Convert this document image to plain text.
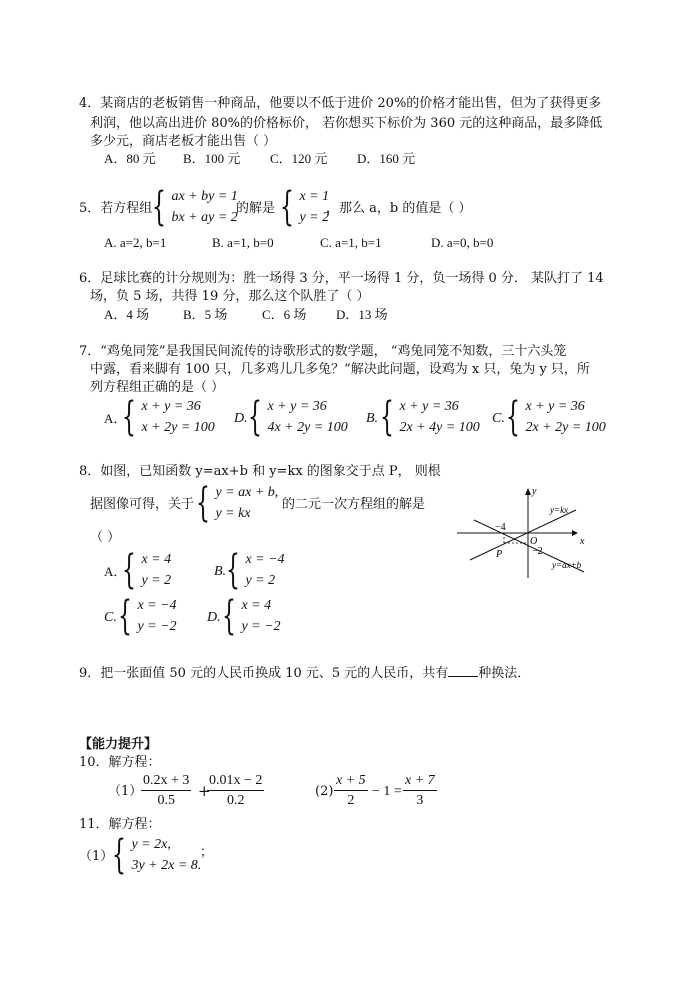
4．某商店的老板销售一种商品，他要以不低于进价 20%的价格才能出售，但为了获得更多
利润，他以高出进价 80%的价格标价， 若你想买下标价为 360 元的这种商品，最多降低
多少元，商店老板才能出售（ ）
A．80 元 B．100 元 C．120 元 D．160 元
5．若方程组 { ax + by = 1
bx + ay = 2
的解是 { x = 1
y = 2
，那么 a，b 的值是（ ）
A. a=2, b=1	B. a=1, b=0	C. a=1, b=1	D. a=0, b=0
6．足球比赛的计分规则为：胜一场得 3 分，平一场得 1 分，负一场得 0 分． 某队打了 14
场，负 5 场，共得 19 分，那么这个队胜了（ ）
A．4 场	B．5 场	C．6 场 D．13 场
7．“鸡兔同笼”是我国民间流传的诗歌形式的数学题， “鸡兔同笼不知数，三十六头笼
中露，看来脚有 100 只，几多鸡儿几多兔？”解决此问题，设鸡为 x 只，兔为 y 只，所
列方程组正确的是（ ）
A．
{ x + y = 36
x + 2y = 100
D. { x + y = 36
4x + 2y = 100
B. { x + y = 36
2x + 4y = 100
C. { x + y = 36
2x + 2y = 100
8．如图，已知函数 y=ax+b 和 y=kx 的图象交于点 P， 则根
据图像可得，关于 { y = ax + b,
y = kx
的二元一次方程组的解是
（ ）
A．
{ x = 4
y = 2
B. { x = −4
y = 2
C. { x = −4
y = −2
D. { x = 4
y = −2
y
x
O
P
−4
−2
y=kx
y=ax+b
9．把一张面值 50 元的人民币换成 10 元、5 元的人民币，共有 种换法．
【能力提升】
10．解方程：
（1）
$\frac{0.2x + 3}{0.5}$ +
$\frac{0.01x - 2}{0.2}$	$(2) \frac{x + 5}{2} - 1 = \frac{x + 7}{3}$
11．解方程：
（1）
{ y = 2x,
3y + 2x = 8.
；
